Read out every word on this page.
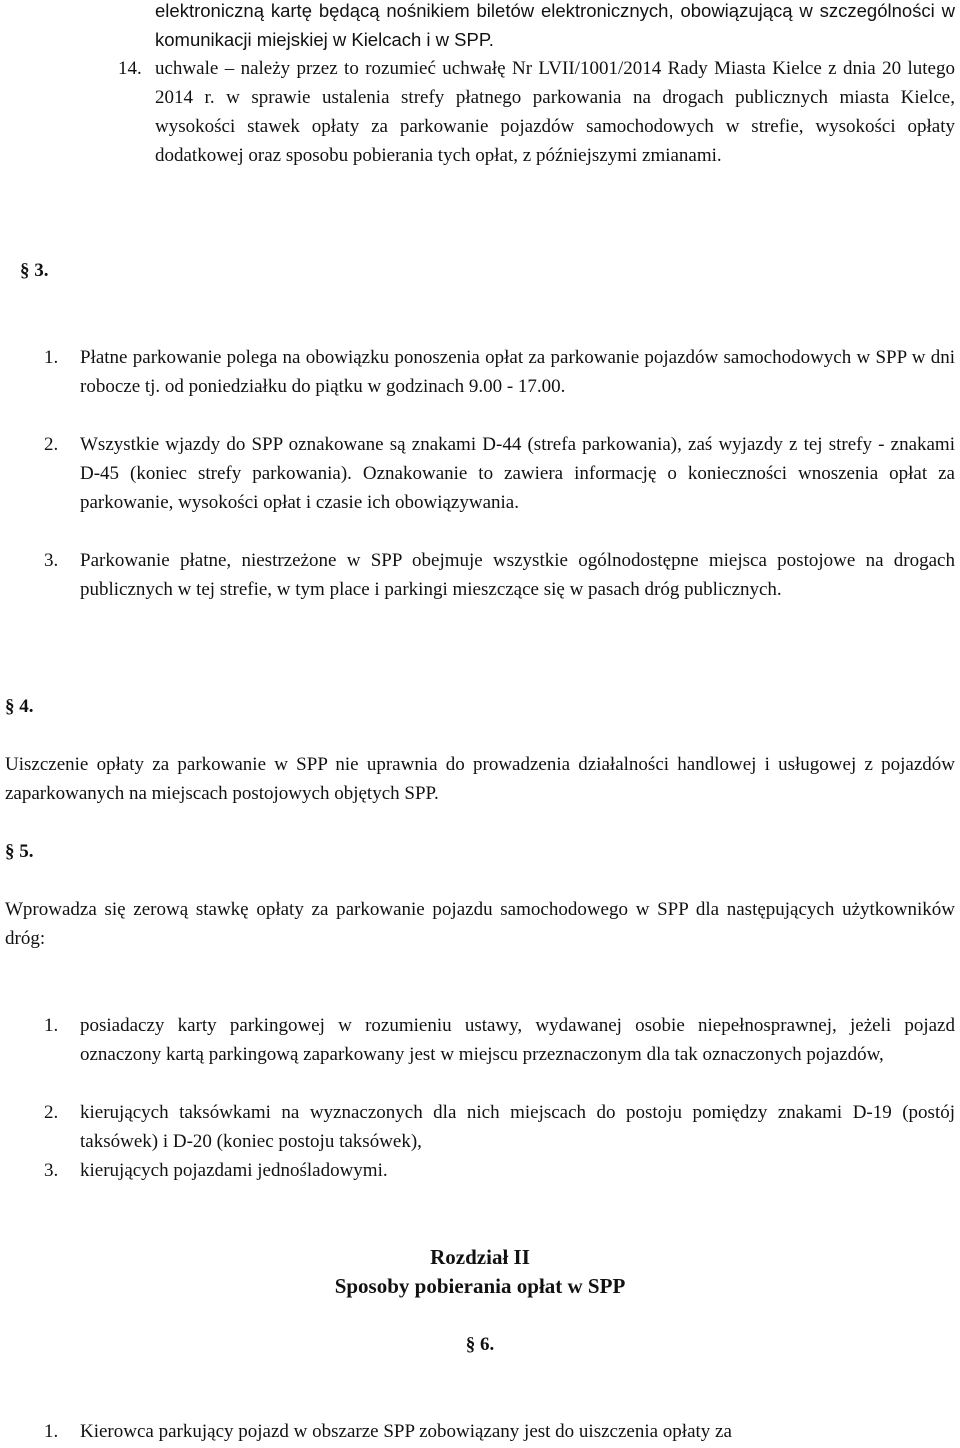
elektroniczną kartę będącą nośnikiem biletów elektronicznych, obowiązującą w szczególności w komunikacji miejskiej w Kielcach i w SPP.
14. uchwale – należy przez to rozumieć uchwałę Nr LVII/1001/2014 Rady Miasta Kielce z dnia 20 lutego 2014 r. w sprawie ustalenia strefy płatnego parkowania na drogach publicznych miasta Kielce, wysokości stawek opłaty za parkowanie pojazdów samochodowych w strefie, wysokości opłaty dodatkowej oraz sposobu pobierania tych opłat, z późniejszymi zmianami.
§ 3.
1. Płatne parkowanie polega na obowiązku ponoszenia opłat za parkowanie pojazdów samochodowych w SPP w dni robocze tj. od poniedziałku do piątku w godzinach 9.00 - 17.00.
2. Wszystkie wjazdy do SPP oznakowane są znakami D-44 (strefa parkowania), zaś wyjazdy z tej strefy - znakami D-45 (koniec strefy parkowania). Oznakowanie to zawiera informację o konieczności wnoszenia opłat za parkowanie, wysokości opłat i czasie ich obowiązywania.
3. Parkowanie płatne, niestrzeżone w SPP obejmuje wszystkie ogólnodostępne miejsca postojowe na drogach publicznych w tej strefie, w tym place i parkingi mieszczące się w pasach dróg publicznych.
§ 4.
Uiszczenie opłaty za parkowanie w SPP nie uprawnia do prowadzenia działalności handlowej i usługowej z pojazdów zaparkowanych na miejscach postojowych objętych SPP.
§ 5.
Wprowadza się zerową stawkę opłaty za parkowanie pojazdu samochodowego w SPP dla następujących użytkowników dróg:
1. posiadaczy karty parkingowej w rozumieniu ustawy, wydawanej osobie niepełnosprawnej, jeżeli pojazd oznaczony kartą parkingową zaparkowany jest w miejscu przeznaczonym dla tak oznaczonych pojazdów,
2. kierujących taksówkami na wyznaczonych dla nich miejscach do postoju pomiędzy znakami D-19 (postój taksówek) i D-20 (koniec postoju taksówek),
3. kierujących pojazdami jednośladowymi.
Rozdział II
Sposoby pobierania opłat w SPP
§ 6.
1. Kierowca parkujący pojazd w obszarze SPP zobowiązany jest do uiszczenia opłaty za
